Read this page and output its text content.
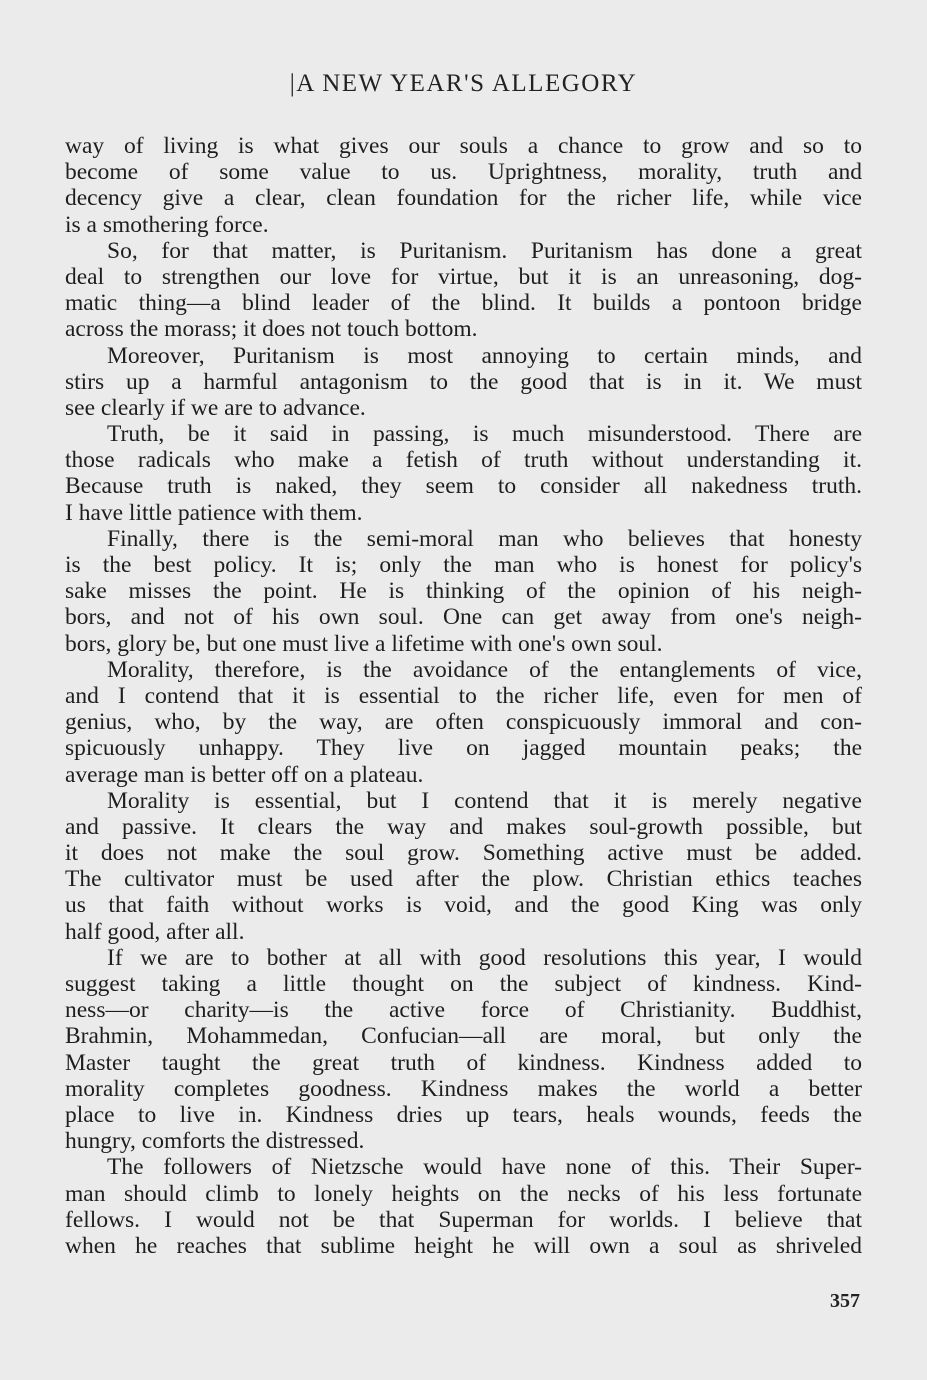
|A NEW YEAR'S ALLEGORY
way of living is what gives our souls a chance to grow and so to
become of some value to us. Uprightness, morality, truth and
decency give a clear, clean foundation for the richer life, while vice
is a smothering force.
So, for that matter, is Puritanism. Puritanism has done a great
deal to strengthen our love for virtue, but it is an unreasoning, dog-
matic thing—a blind leader of the blind. It builds a pontoon bridge
across the morass; it does not touch bottom.
Moreover, Puritanism is most annoying to certain minds, and
stirs up a harmful antagonism to the good that is in it. We must
see clearly if we are to advance.
Truth, be it said in passing, is much misunderstood. There are
those radicals who make a fetish of truth without understanding it.
Because truth is naked, they seem to consider all nakedness truth.
I have little patience with them.
Finally, there is the semi-moral man who believes that honesty
is the best policy. It is; only the man who is honest for policy's
sake misses the point. He is thinking of the opinion of his neigh-
bors, and not of his own soul. One can get away from one's neigh-
bors, glory be, but one must live a lifetime with one's own soul.
Morality, therefore, is the avoidance of the entanglements of vice,
and I contend that it is essential to the richer life, even for men of
genius, who, by the way, are often conspicuously immoral and con-
spicuously unhappy. They live on jagged mountain peaks; the
average man is better off on a plateau.
Morality is essential, but I contend that it is merely negative
and passive. It clears the way and makes soul-growth possible, but
it does not make the soul grow. Something active must be added.
The cultivator must be used after the plow. Christian ethics teaches
us that faith without works is void, and the good King was only
half good, after all.
If we are to bother at all with good resolutions this year, I would
suggest taking a little thought on the subject of kindness. Kind-
ness—or charity—is the active force of Christianity. Buddhist,
Brahmin, Mohammedan, Confucian—all are moral, but only the
Master taught the great truth of kindness. Kindness added to
morality completes goodness. Kindness makes the world a better
place to live in. Kindness dries up tears, heals wounds, feeds the
hungry, comforts the distressed.
The followers of Nietzsche would have none of this. Their Super-
man should climb to lonely heights on the necks of his less fortunate
fellows. I would not be that Superman for worlds. I believe that
when he reaches that sublime height he will own a soul as shriveled
357
